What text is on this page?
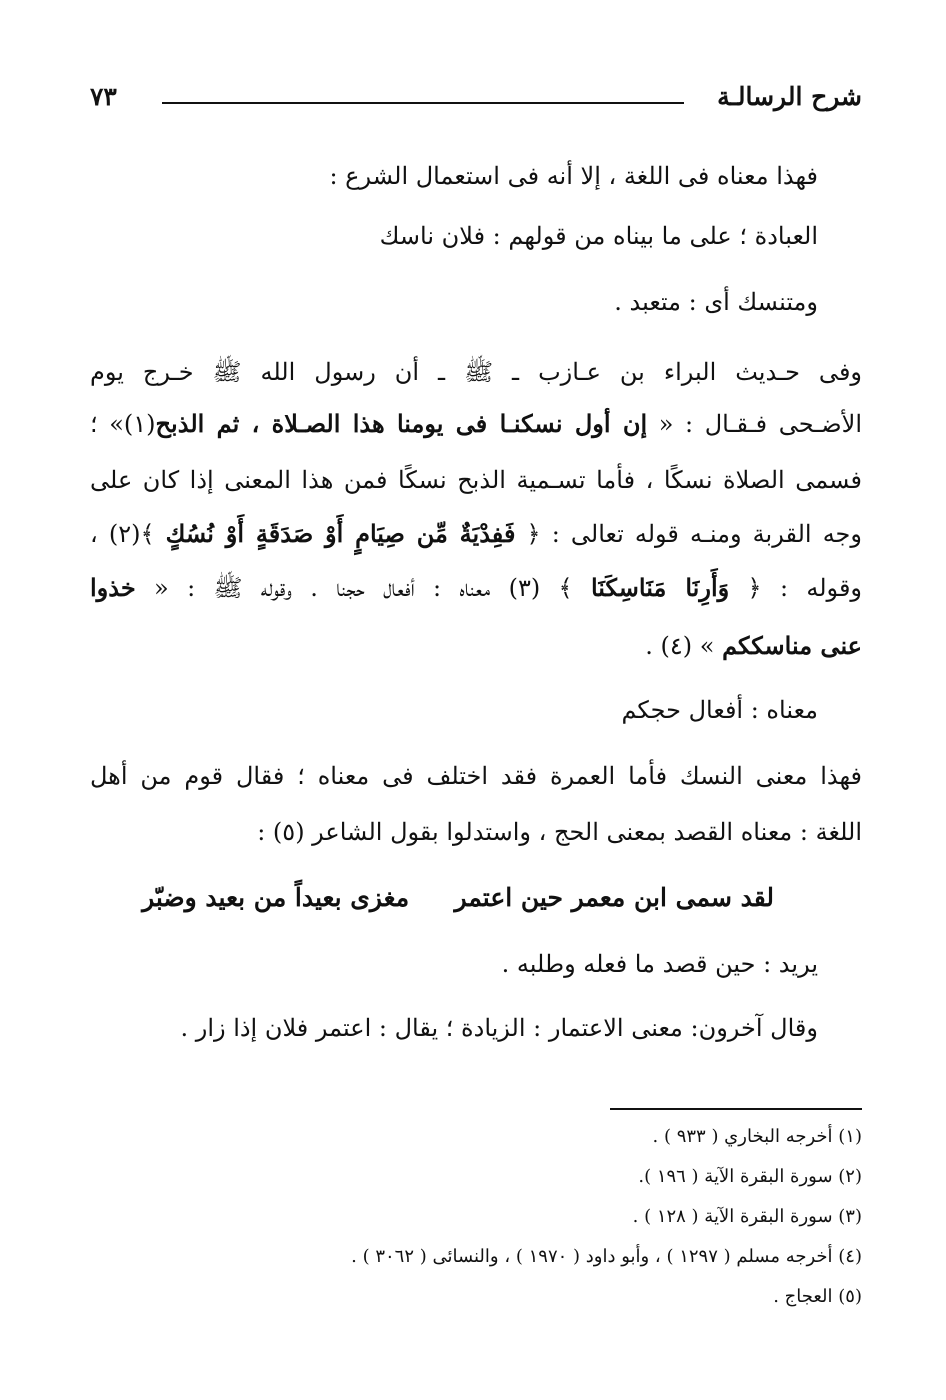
شرح الرسالـة
٧٣
فهذا معناه فى اللغة ، إلا أنه فى استعمال الشرع :
العبادة ؛ على ما بيناه من قولهم : فلان ناسك
ومتنسك أى : متعبد .
وفى حـديث البراء بن عـازب ـ ﷺ ـ أن رسول الله ﷺ خـرج يوم
الأضـحى فـقـال : « إن أول نسكنـا فى يومنا هذا الصـلاة ، ثم الذبح(١)» ؛
فسمى الصلاة نسكًا ، فأما تسـمية الذبح نسكًا فمن هذا المعنى إذا كان على
وجه القربة ومنـه قوله تعالى : ﴿ فَفِدْيَةٌ مِّن صِيَامٍ أَوْ صَدَقَةٍ أَوْ نُسُكٍ ﴾(٢) ،
وقوله : ﴿ وَأَرِنَا مَنَاسِكَنَا ﴾ (٣) معناه : أفعال حجنا . وقوله ﷺ : « خذوا
عنى مناسككم » (٤) .
معناه : أفعال حجكم
فهذا معنى النسك فأما العمرة فقد اختلف فى معناه ؛ فقال قوم من أهل
اللغة : معناه القصد بمعنى الحج ، واستدلوا بقول الشاعر (٥) :
لقد سمى ابن معمر حين اعتمر  مغزى بعيداً من بعيد وضبّر
يريد : حين قصد ما فعله وطلبه .
وقال آخرون: معنى الاعتمار : الزيادة ؛ يقال : اعتمر فلان إذا زار .
(١) أخرجه البخاري ( ٩٣٣ ) .
(٢) سورة البقرة الآية ( ١٩٦ ).
(٣) سورة البقرة الآية ( ١٢٨ ) .
(٤) أخرجه مسلم ( ١٢٩٧ ) ، وأبو داود ( ١٩٧٠ ) ، والنسائى ( ٣٠٦٢ ) .
(٥) العجاج .
